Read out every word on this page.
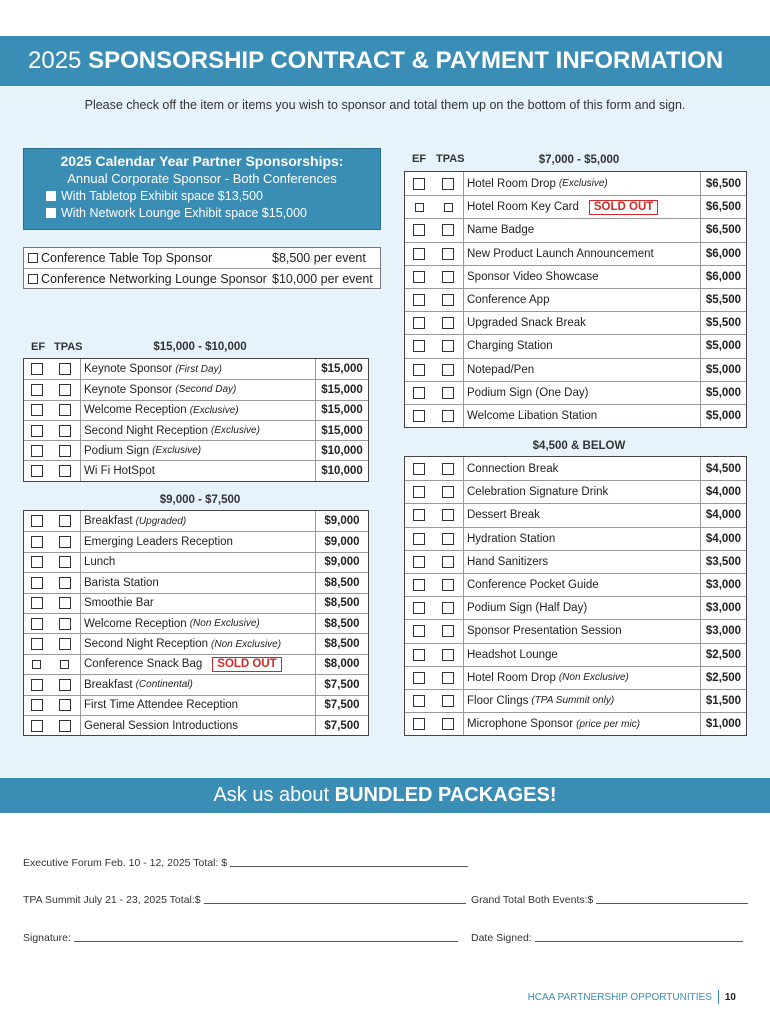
2025 SPONSORSHIP CONTRACT & PAYMENT INFORMATION
Please check off the item or items you wish to sponsor and total them up on the bottom of this form and sign.
2025 Calendar Year Partner Sponsorships:
Annual Corporate Sponsor - Both Conferences
With Tabletop Exhibit space $13,500
With Network Lounge Exhibit space $15,000
Conference Table Top Sponsor	$8,500 per event
Conference Networking Lounge Sponsor $10,000 per event
EF TPAS	$15,000 - $10,000
Keynote Sponsor (First Day)	$15,000
Keynote Sponsor (Second Day)	$15,000
Welcome Reception (Exclusive)	$15,000
Second Night Reception (Exclusive)	$15,000
Podium Sign (Exclusive)	$10,000
Wi Fi HotSpot	$10,000
$9,000 - $7,500
Breakfast (Upgraded)	$9,000
Emerging Leaders Reception	$9,000
Lunch	$9,000
Barista Station	$8,500
Smoothie Bar	$8,500
Welcome Reception (Non Exclusive)	$8,500
Second Night Reception (Non Exclusive)	$8,500
Conference Snack Bag	SOLD OUT	$8,000
Breakfast (Continental)	$7,500
First Time Attendee Reception	$7,500
General Session Introductions	$7,500
EF TPAS	$7,000 - $5,000
Hotel Room Drop (Exclusive)	$6,500
Hotel Room Key Card	SOLD OUT	$6,500
Name Badge	$6,500
New Product Launch Announcement	$6,000
Sponsor Video Showcase	$6,000
Conference App	$5,500
Upgraded Snack Break	$5,500
Charging Station	$5,000
Notepad/Pen	$5,000
Podium Sign (One Day)	$5,000
Welcome Libation Station	$5,000
$4,500 & BELOW
Connection Break	$4,500
Celebration Signature Drink	$4,000
Dessert Break	$4,000
Hydration Station	$4,000
Hand Sanitizers	$3,500
Conference Pocket Guide	$3,000
Podium Sign (Half Day)	$3,000
Sponsor Presentation Session	$3,000
Headshot Lounge	$2,500
Hotel Room Drop (Non Exclusive)	$2,500
Floor Clings (TPA Summit only)	$1,500
Microphone Sponsor (price per mic)	$1,000
Ask us about BUNDLED PACKAGES!
Executive Forum Feb. 10 - 12, 2025 Total: $
TPA Summit July 21 - 23, 2025 Total:$	Grand Total Both Events:$
Signature:	Date Signed:
HCAA PARTNERSHIP OPPORTUNITIES 10
